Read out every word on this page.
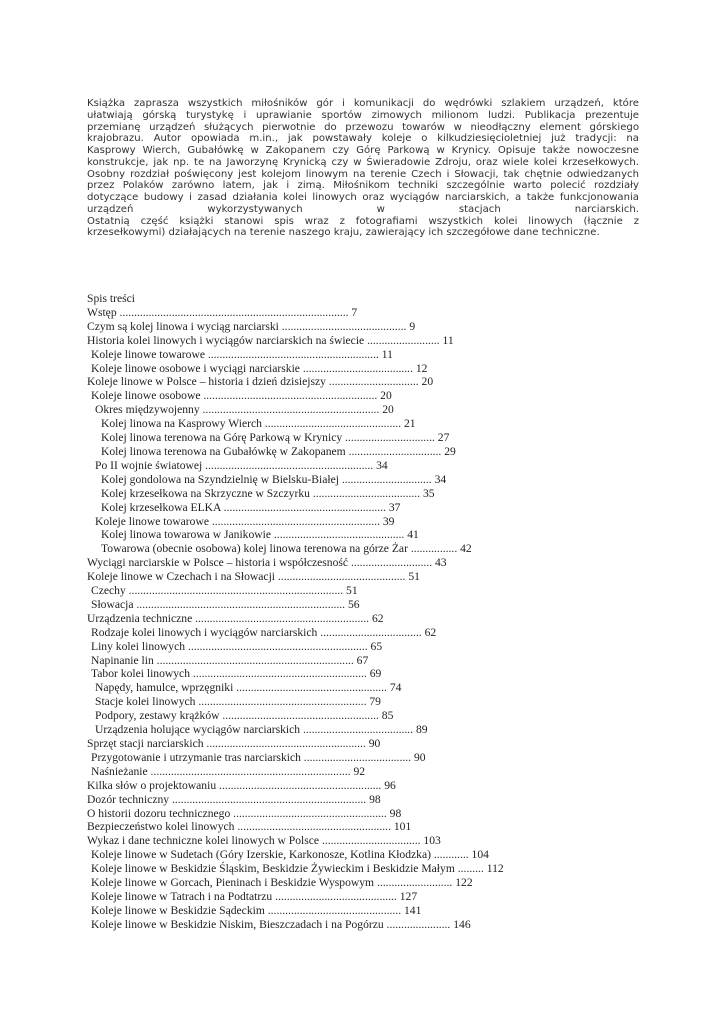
Książka zaprasza wszystkich miłośników gór i komunikacji do wędrówki szlakiem urządzeń, które
ułatwiają górską turystykę i uprawianie sportów zimowych milionom ludzi. Publikacja prezentuje
przemianę urządzeń służących pierwotnie do przewozu towarów w nieodłączny element górskiego
krajobrazu. Autor opowiada m.in., jak powstawały koleje o kilkudziesięcioletniej już tradycji: na
Kasprowy Wierch, Gubałówkę w Zakopanem czy Górę Parkową w Krynicy. Opisuje także nowoczesne
konstrukcje, jak np. te na Jaworzynę Krynicką czy w Świeradowie Zdroju, oraz wiele kolei krzesełkowych.
Osobny rozdział poświęcony jest kolejom linowym na terenie Czech i Słowacji, tak chętnie odwiedzanych
przez Polaków zarówno latem, jak i zimą. Miłośnikom techniki szczególnie warto polecić rozdziały
dotyczące budowy i zasad działania kolei linowych oraz wyciągów narciarskich, a także funkcjonowania
urządzeń wykorzystywanych w stacjach narciarskich.
Ostatnią część książki stanowi spis wraz z fotografiami wszystkich kolei linowych (łącznie z
krzesełkowymi) działających na terenie naszego kraju, zawierający ich szczegółowe dane techniczne.
Spis treści
Wstęp ............................................................................... 7
Czym są kolej linowa i wyciąg narciarski ........................................... 9
Historia kolei linowych i wyciągów narciarskich na świecie ......................... 11
Koleje linowe towarowe ........................................................... 11
Koleje linowe osobowe i wyciągi narciarskie ...................................... 12
Koleje linowe w Polsce – historia i dzień dzisiejszy ............................... 20
Koleje linowe osobowe ............................................................ 20
Okres międzywojenny ............................................................. 20
Kolej linowa na Kasprowy Wierch ............................................... 21
Kolej linowa terenowa na Górę Parkową w Krynicy ............................... 27
Kolej linowa terenowa na Gubałówkę w Zakopanem ................................ 29
Po II wojnie światowej .......................................................... 34
Kolej gondolowa na Szyndzielnię w Bielsku-Białej ............................... 34
Kolej krzesełkowa na Skrzyczne w Szczyrku ..................................... 35
Kolej krzesełkowa ELKA ........................................................ 37
Koleje linowe towarowe .......................................................... 39
Kolej linowa towarowa w Janikowie ............................................. 41
Towarowa (obecnie osobowa) kolej linowa terenowa na górze Żar ................ 42
Wyciągi narciarskie w Polsce – historia i współczesność ............................ 43
Koleje linowe w Czechach i na Słowacji ............................................ 51
Czechy .......................................................................... 51
Słowacja ........................................................................ 56
Urządzenia techniczne ............................................................ 62
Rodzaje kolei linowych i wyciągów narciarskich ................................... 62
Liny kolei linowych .............................................................. 65
Napinanie lin .................................................................... 67
Tabor kolei linowych ............................................................ 69
Napędy, hamulce, wprzęgniki .................................................... 74
Stacje kolei linowych .......................................................... 79
Podpory, zestawy krążków ...................................................... 85
Urządzenia holujące wyciągów narciarskich ...................................... 89
Sprzęt stacji narciarskich ....................................................... 90
Przygotowanie i utrzymanie tras narciarskich ..................................... 90
Naśnieżanie ..................................................................... 92
Kilka słów o projektowaniu ........................................................ 96
Dozór techniczny ................................................................... 98
O historii dozoru technicznego ..................................................... 98
Bezpieczeństwo kolei linowych ..................................................... 101
Wykaz i dane techniczne kolei linowych w Polsce .................................. 103
Koleje linowe w Sudetach (Góry Izerskie, Karkonosze, Kotlina Kłodzka) ............ 104
Koleje linowe w Beskidzie Śląskim, Beskidzie Żywieckim i Beskidzie Małym ......... 112
Koleje linowe w Gorcach, Pieninach i Beskidzie Wyspowym .......................... 122
Koleje linowe w Tatrach i na Podtatrzu .......................................... 127
Koleje linowe w Beskidzie Sądeckim .............................................. 141
Koleje linowe w Beskidzie Niskim, Bieszczadach i na Pogórzu ...................... 146
